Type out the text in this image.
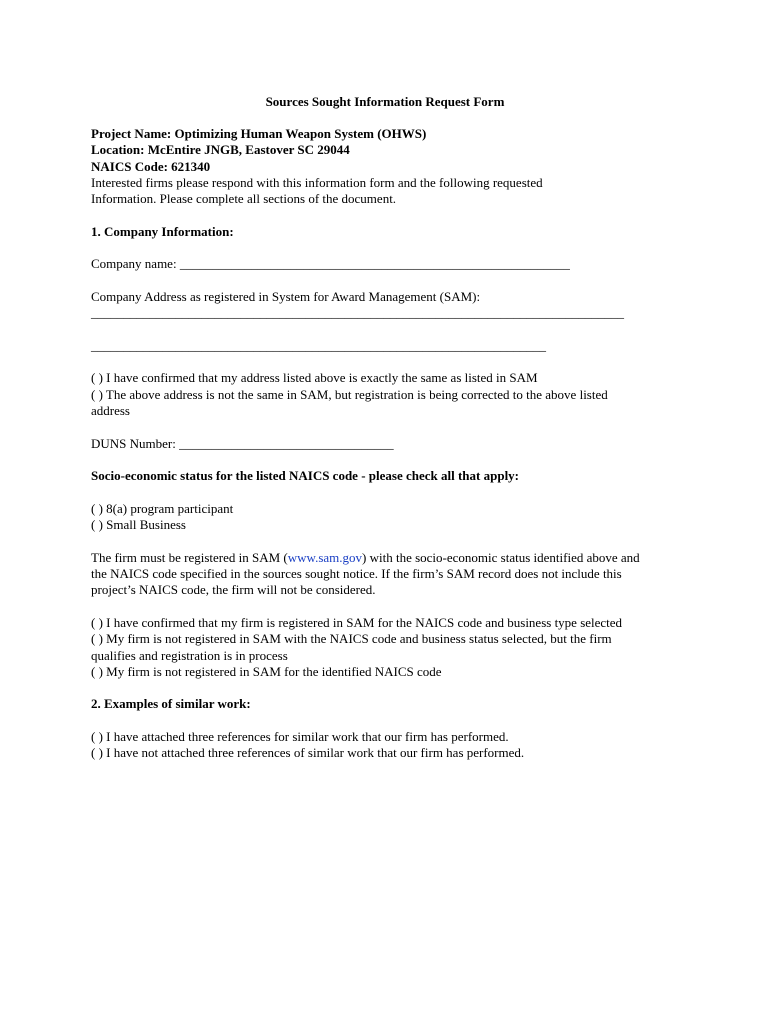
Sources Sought Information Request Form
Project Name: Optimizing Human Weapon System (OHWS)
Location: McEntire JNGB, Eastover SC 29044
NAICS Code: 621340
Interested firms please respond with this information form and the following requested
Information. Please complete all sections of the document.
1. Company Information:
Company name: ____________________________________________________________
Company Address as registered in System for Award Management (SAM):
__________________________________________________________________________________
______________________________________________________________________
( ) I have confirmed that my address listed above is exactly the same as listed in SAM
( ) The above address is not the same in SAM, but registration is being corrected to the above listed
address
DUNS Number: _________________________________
Socio-economic status for the listed NAICS code - please check all that apply:
( ) 8(a) program participant
( ) Small Business
The firm must be registered in SAM (www.sam.gov) with the socio-economic status identified above and
the NAICS code specified in the sources sought notice. If the firm’s SAM record does not include this
project’s NAICS code, the firm will not be considered.
( ) I have confirmed that my firm is registered in SAM for the NAICS code and business type selected
( ) My firm is not registered in SAM with the NAICS code and business status selected, but the firm
qualifies and registration is in process
( ) My firm is not registered in SAM for the identified NAICS code
2. Examples of similar work:
( ) I have attached three references for similar work that our firm has performed.
( ) I have not attached three references of similar work that our firm has performed.
